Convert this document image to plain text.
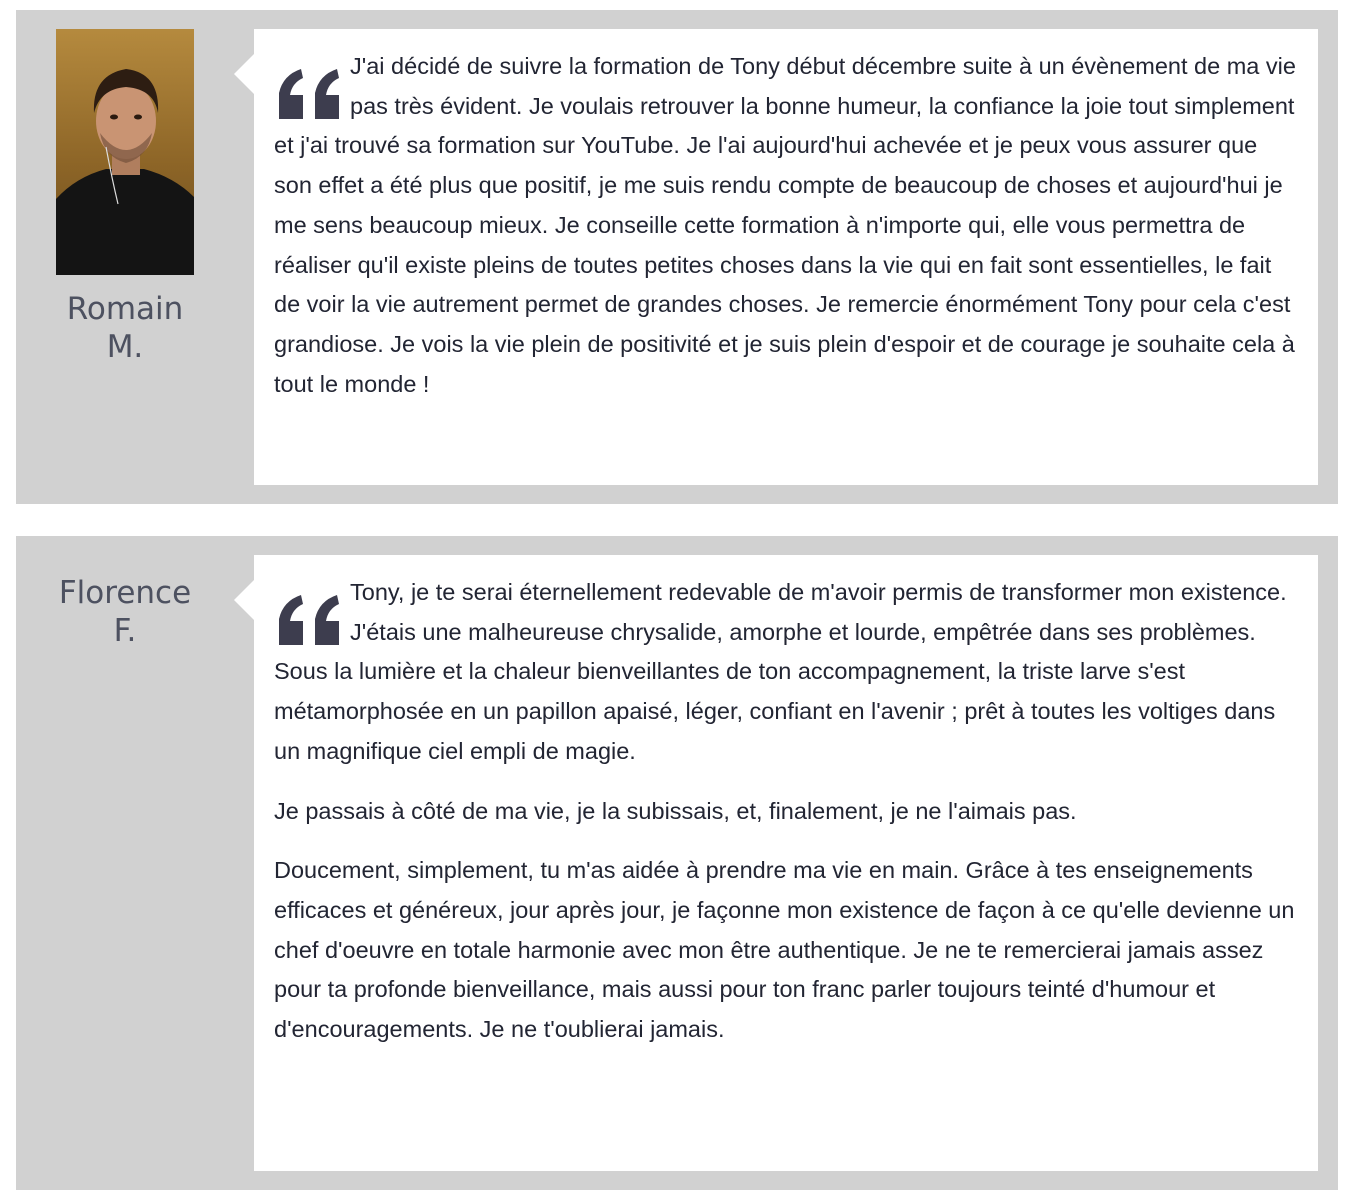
Romain M.

J'ai décidé de suivre la formation de Tony début décembre suite à un évènement de ma vie pas très évident. Je voulais retrouver la bonne humeur, la confiance la joie tout simplement et j'ai trouvé sa formation sur YouTube. Je l'ai aujourd'hui achevée et je peux vous assurer que son effet a été plus que positif, je me suis rendu compte de beaucoup de choses et aujourd'hui je me sens beaucoup mieux. Je conseille cette formation à n'importe qui, elle vous permettra de réaliser qu'il existe pleins de toutes petites choses dans la vie qui en fait sont essentielles, le fait de voir la vie autrement permet de grandes choses. Je remercie énormément Tony pour cela c'est grandiose. Je vois la vie plein de positivité et je suis plein d'espoir et de courage je souhaite cela à tout le monde !

Florence F.

Tony, je te serai éternellement redevable de m'avoir permis de transformer mon existence. J'étais une malheureuse chrysalide, amorphe et lourde, empêtrée dans ses problèmes. Sous la lumière et la chaleur bienveillantes de ton accompagnement, la triste larve s'est métamorphosée en un papillon apaisé, léger, confiant en l'avenir ; prêt à toutes les voltiges dans un magnifique ciel empli de magie.

Je passais à côté de ma vie, je la subissais, et, finalement, je ne l'aimais pas.

Doucement, simplement, tu m'as aidée à prendre ma vie en main. Grâce à tes enseignements efficaces et généreux, jour après jour, je façonne mon existence de façon à ce qu'elle devienne un chef d'oeuvre en totale harmonie avec mon être authentique. Je ne te remercierai jamais assez pour ta profonde bienveillance, mais aussi pour ton franc parler toujours teinté d'humour et d'encouragements. Je ne t'oublierai jamais.
